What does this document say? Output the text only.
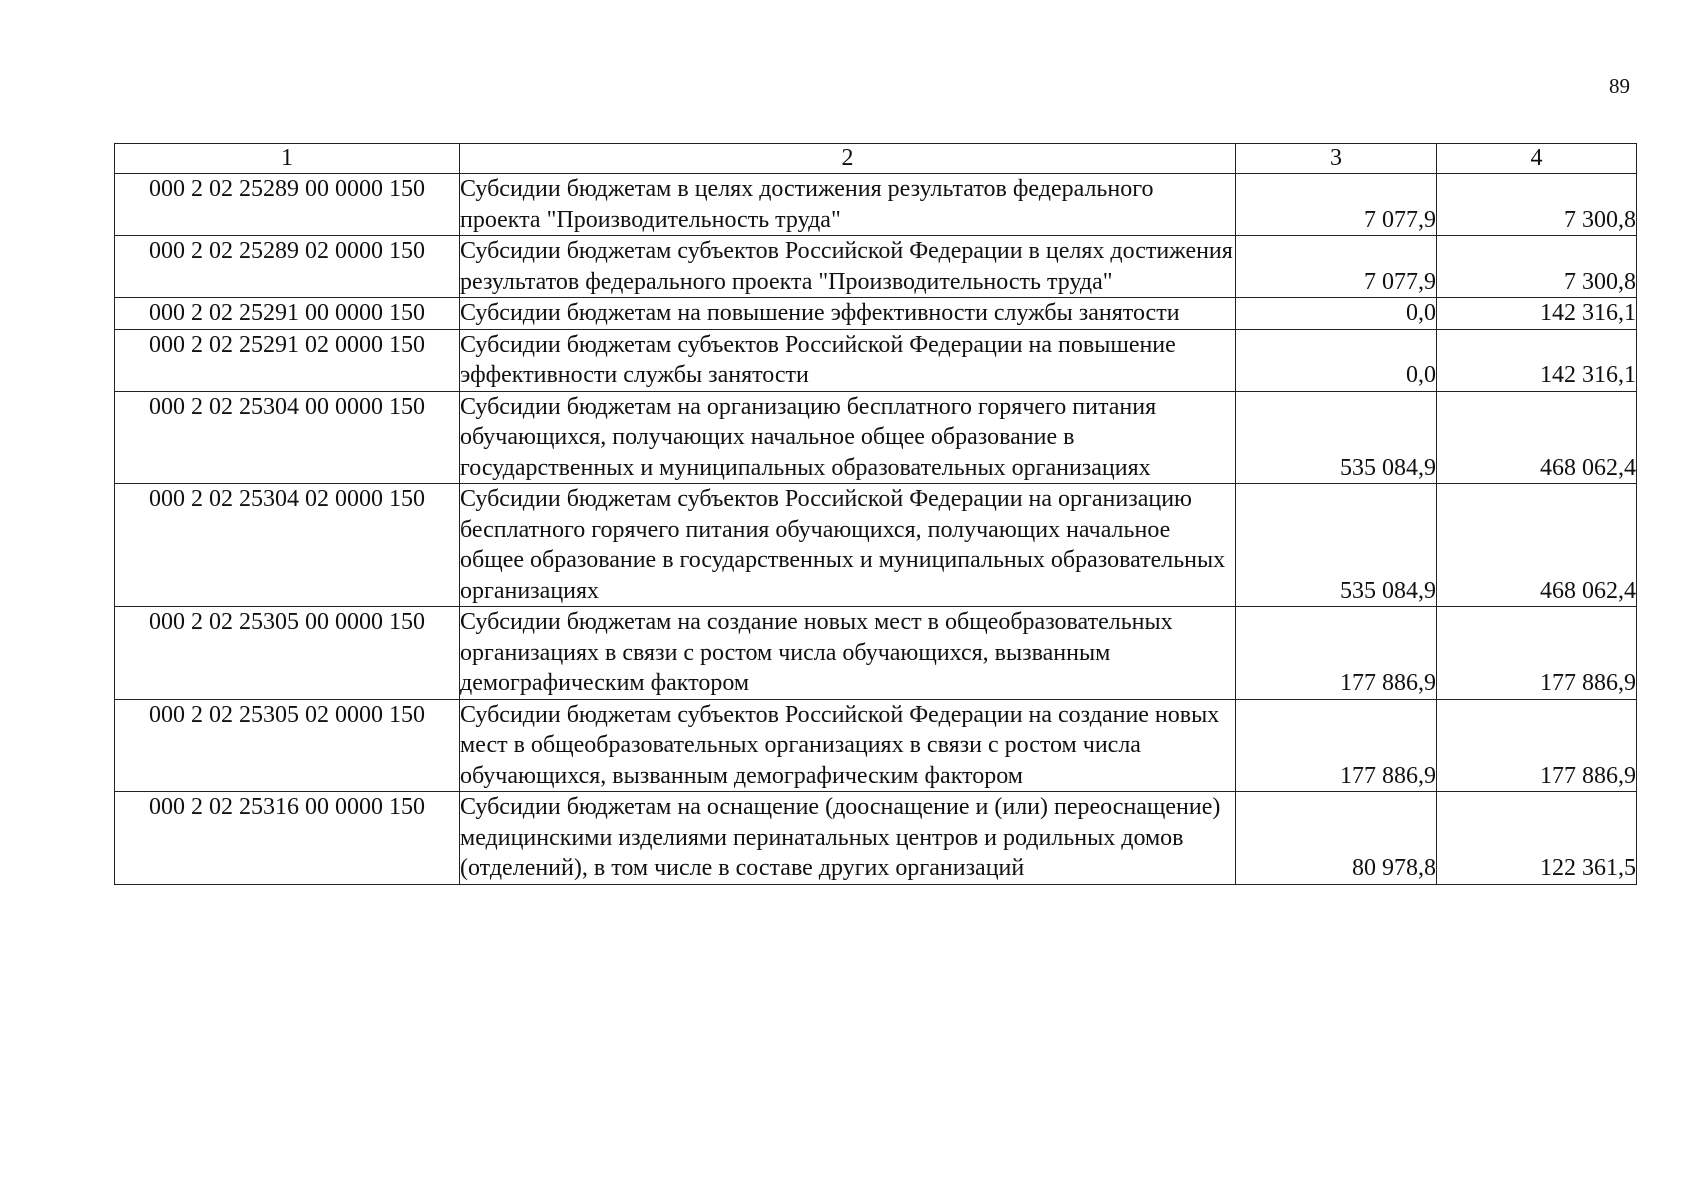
89
1	2	3	4
000 2 02 25289 00 0000 150	Субсидии бюджетам в целях достижения результатов федерального проекта "Производительность труда"	7 077,9	7 300,8
000 2 02 25289 02 0000 150	Субсидии бюджетам субъектов Российской Федерации в целях достижения результатов федерального проекта "Производительность труда"	7 077,9	7 300,8
000 2 02 25291 00 0000 150	Субсидии бюджетам на повышение эффективности службы занятости	0,0	142 316,1
000 2 02 25291 02 0000 150	Субсидии бюджетам субъектов Российской Федерации на повышение эффективности службы занятости	0,0	142 316,1
000 2 02 25304 00 0000 150	Субсидии бюджетам на организацию бесплатного горячего питания обучающихся, получающих начальное общее образование в государственных и муниципальных образовательных организациях	535 084,9	468 062,4
000 2 02 25304 02 0000 150	Субсидии бюджетам субъектов Российской Федерации на организацию бесплатного горячего питания обучающихся, получающих начальное общее образование в государственных и муниципальных образовательных организациях	535 084,9	468 062,4
000 2 02 25305 00 0000 150	Субсидии бюджетам на создание новых мест в общеобразовательных организациях в связи с ростом числа обучающихся, вызванным демографическим фактором	177 886,9	177 886,9
000 2 02 25305 02 0000 150	Субсидии бюджетам субъектов Российской Федерации на создание новых мест в общеобразовательных организациях в связи с ростом числа обучающихся, вызванным демографическим фактором	177 886,9	177 886,9
000 2 02 25316 00 0000 150	Субсидии бюджетам на оснащение (дооснащение и (или) переоснащение) медицинскими изделиями перинатальных центров и родильных домов (отделений), в том числе в составе других организаций	80 978,8	122 361,5
